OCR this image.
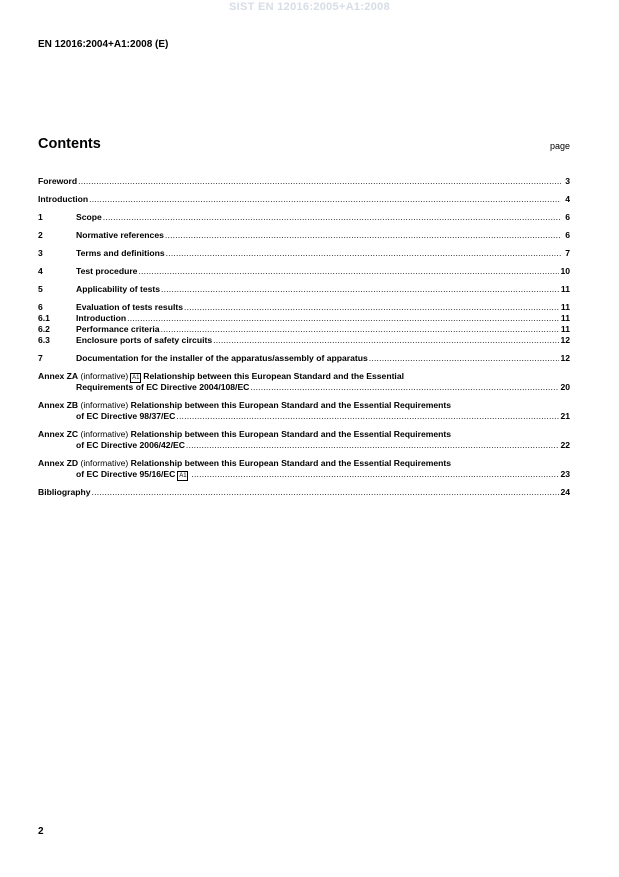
SIST EN 12016:2005+A1:2008
EN 12016:2004+A1:2008 (E)
Contents	page
Foreword .....	3
Introduction .....	4
1	Scope .....	6
2	Normative references .....	6
3	Terms and definitions .....	7
4	Test procedure .....	10
5	Applicability of tests .....	11
6	Evaluation of tests results .....	11
6.1	Introduction .....	11
6.2	Performance criteria .....	11
6.3	Enclosure ports of safety circuits .....	12
7	Documentation for the installer of the apparatus/assembly of apparatus .....	12
Annex ZA
(informative) A1 Relationship between this European Standard and the Essential
Requirements of EC Directive 2004/108/EC .....	20
Annex ZB
(informative)
Relationship between this European Standard and the Essential Requirements
of EC Directive 98/37/EC .....	21
Annex ZC
(informative)
Relationship between this European Standard and the Essential Requirements
of EC Directive 2006/42/EC .....	22
Annex ZD
(informative)
Relationship between this European Standard and the Essential Requirements
of EC Directive 95/16/EC A1 .....	23
Bibliography .....	24
2
